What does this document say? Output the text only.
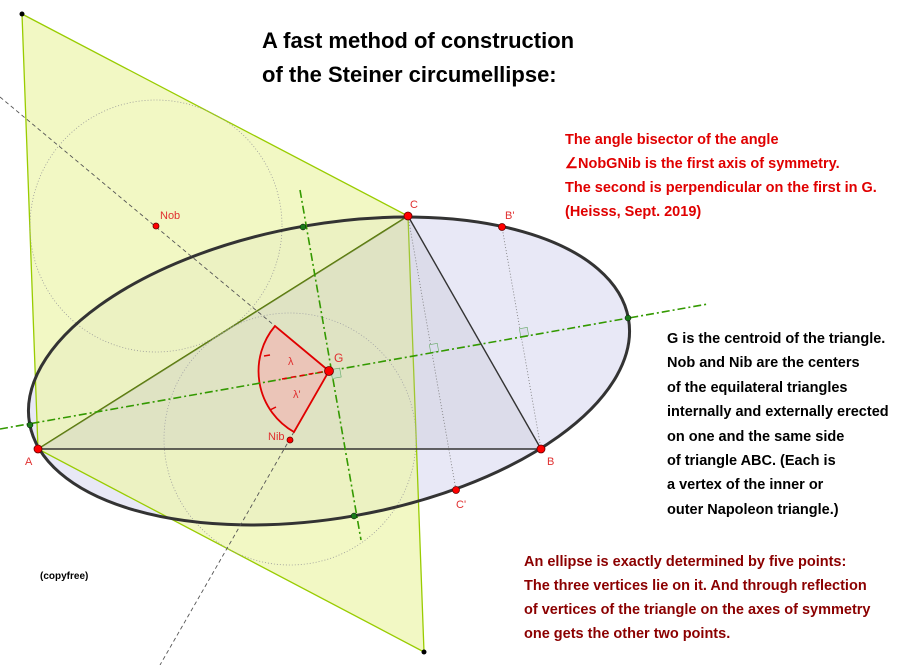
A	B
C
G
Nob
Nib
B'
C'
λ
λ'
A fast method of construction
of the Steiner circumellipse:
The angle bisector of the angle
∠NobGNib is the first axis of symmetry.
The second is perpendicular on the first in G.
(Heisss, Sept. 2019)
G is the centroid of the triangle.
Nob and Nib are the centers
of the equilateral triangles
internally and externally erected
on one and the same side
of triangle ABC. (Each is
a vertex of the inner or
outer Napoleon triangle.)
An ellipse is exactly determined by five points:
The three vertices lie on it. And through reflection
of vertices of the triangle on the axes of symmetry
one gets the other two points.
(copyfree)
